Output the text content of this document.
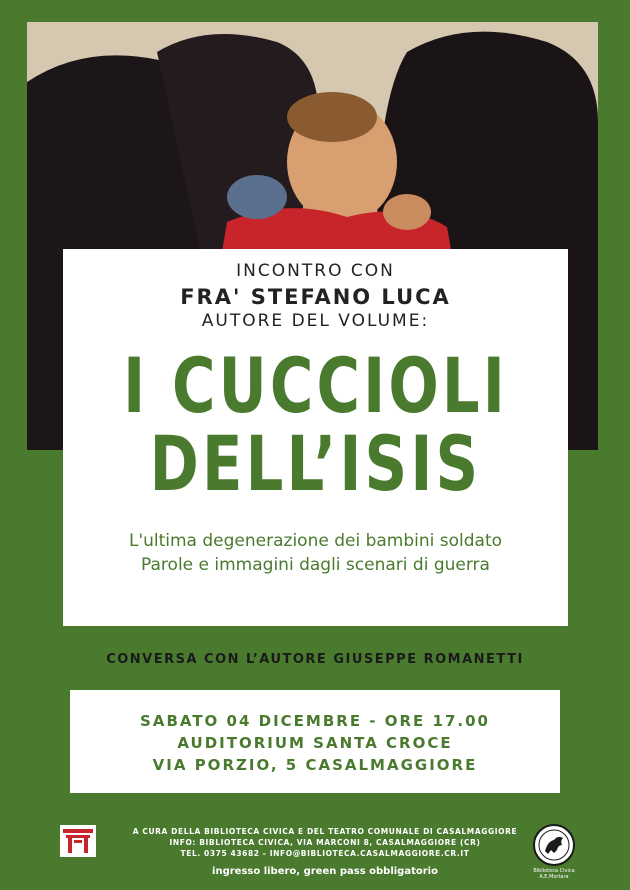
INCONTRO CON
FRA' STEFANO LUCA
AUTORE DEL VOLUME:
I CUCCIOLI
DELL’ISIS
L'ultima degenerazione dei bambini soldato
Parole e immagini dagli scenari di guerra
CONVERSA CON L’AUTORE GIUSEPPE ROMANETTI
SABATO 04 DICEMBRE - ORE 17.00
AUDITORIUM SANTA CROCE
VIA PORZIO, 5 CASALMAGGIORE
A CURA DELLA BIBLIOTECA CIVICA E DEL TEATRO COMUNALE DI CASALMAGGIORE
INFO: BIBLIOTECA CIVICA, VIA MARCONI 8, CASALMAGGIORE (CR)
TEL. 0375 43682 - INFO@BIBLIOTECA.CASALMAGGIORE.CR.IT
ingresso libero, green pass obbligatorio	Biblioteca Civica
A.E.Mortara
